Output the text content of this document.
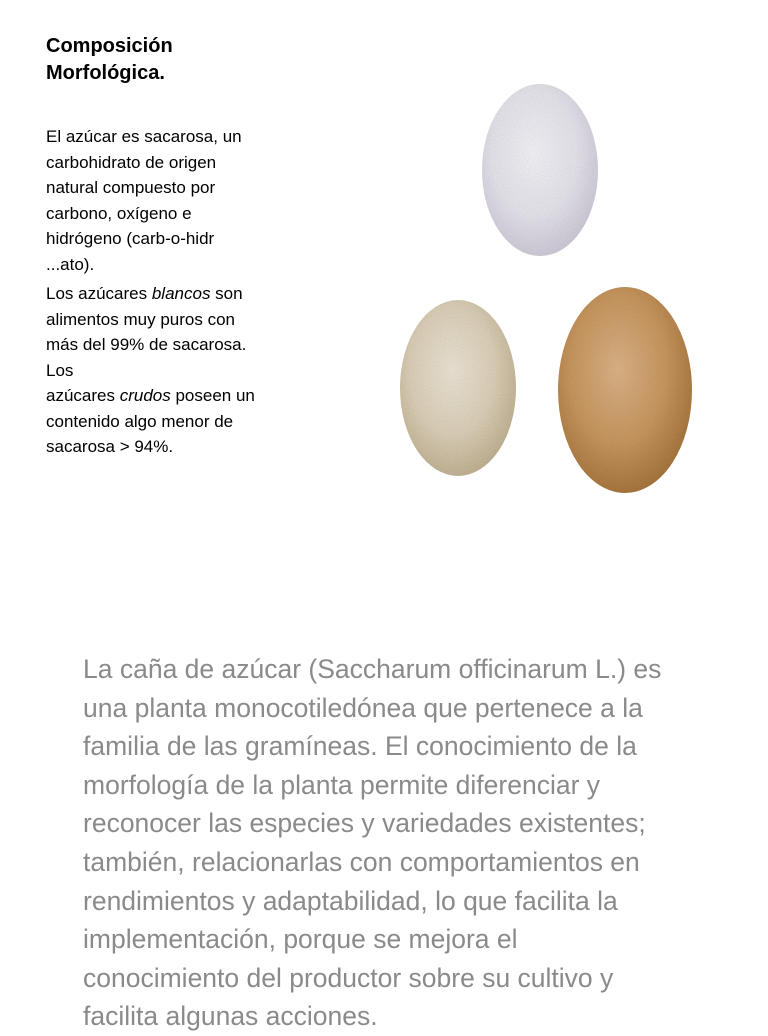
Composición
Morfológica.

El azúcar es sacarosa, un
carbohidrato de origen
natural compuesto por
carbono, oxígeno e
hidrógeno (carb-o-hidr
...ato).

Los azúcares blancos son
alimentos muy puros con
más del 99% de sacarosa.
Los
azúcares crudos poseen un
contenido algo menor de
sacarosa > 94%.

La caña de azúcar (Saccharum officinarum L.) es
una planta monocotiledónea que pertenece a la
familia de las gramíneas. El conocimiento de la
morfología de la planta permite diferenciar y
reconocer las especies y variedades existentes;
también, relacionarlas con comportamientos en
rendimientos y adaptabilidad, lo que facilita la
implementación, porque se mejora el
conocimiento del productor sobre su cultivo y
facilita algunas acciones.
